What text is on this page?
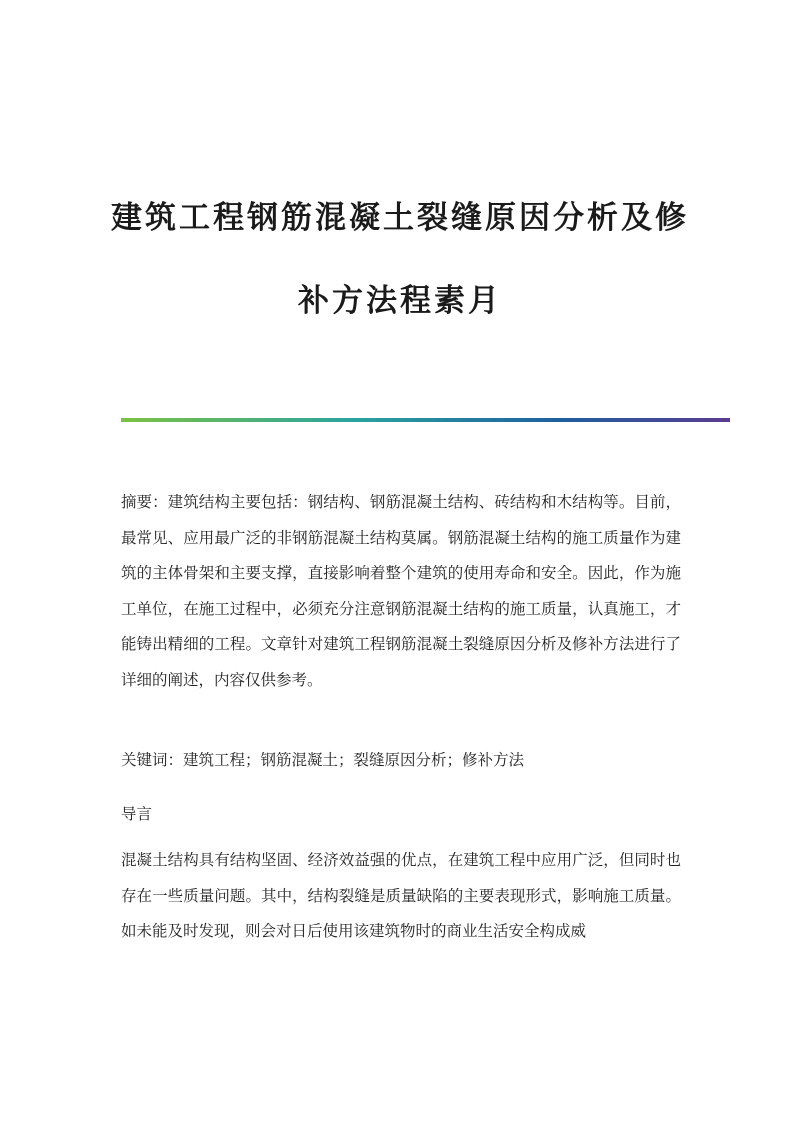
建筑工程钢筋混凝土裂缝原因分析及修
补方法程素月

摘要：建筑结构主要包括：钢结构、钢筋混凝土结构、砖结构和木结构等。目前，最常见、应用最广泛的非钢筋混凝土结构莫属。钢筋混凝土结构的施工质量作为建筑的主体骨架和主要支撑，直接影响着整个建筑的使用寿命和安全。因此，作为施工单位，在施工过程中，必须充分注意钢筋混凝土结构的施工质量，认真施工，才能铸出精细的工程。文章针对建筑工程钢筋混凝土裂缝原因分析及修补方法进行了详细的阐述，内容仅供参考。

关键词：建筑工程；钢筋混凝土；裂缝原因分析；修补方法
导言

混凝土结构具有结构坚固、经济效益强的优点，在建筑工程中应用广泛，但同时也存在一些质量问题。其中，结构裂缝是质量缺陷的主要表现形式，影响施工质量。如未能及时发现，则会对日后使用该建筑物时的商业生活安全构成威
